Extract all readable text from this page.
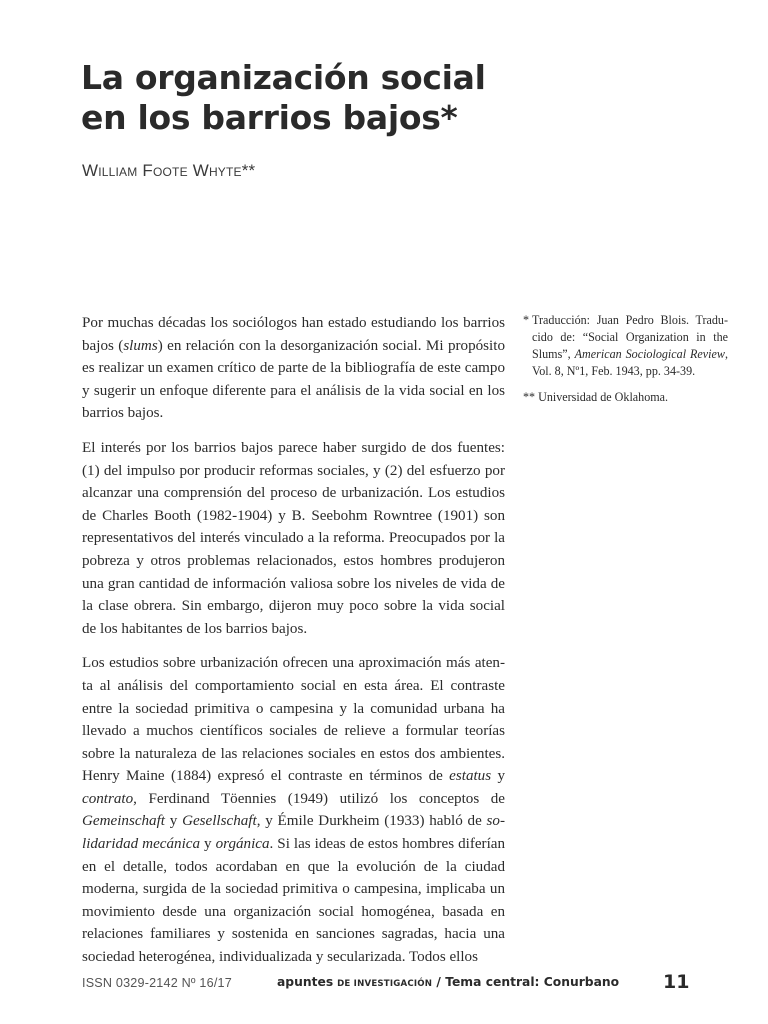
La organización social
en los barrios bajos*
William Foote Whyte**

Por muchas décadas los sociólogos han estado estudiando los barrios bajos (slums) en relación con la desorganización social. Mi propósito es realizar un examen crítico de parte de la bibliografía de este campo y sugerir un enfoque diferente para el análisis de la vida social en los barrios bajos.

El interés por los barrios bajos parece haber surgido de dos fuentes: (1) del impulso por producir reformas sociales, y (2) del esfuerzo por alcanzar una comprensión del proceso de urbanización. Los estudios de Charles Booth (1982-1904) y B. Seebohm Rowntree (1901) son representativos del interés vinculado a la reforma. Preocupados por la pobreza y otros problemas relacionados, estos hombres produjeron una gran cantidad de información valiosa sobre los niveles de vida de la clase obrera. Sin embargo, dijeron muy poco sobre la vida social de los habitantes de los barrios bajos.

Los estudios sobre urbanización ofrecen una aproximación más atenta al análisis del comportamiento social en esta área. El contraste entre la sociedad primitiva o campesina y la comunidad urbana ha llevado a muchos científicos sociales de relieve a formular teorías sobre la naturaleza de las relaciones sociales en estos dos ambientes. Henry Maine (1884) expresó el contraste en términos de estatus y contrato, Ferdinand Töennies (1949) utilizó los conceptos de Gemeinschaft y Gesellschaft, y Émile Durkheim (1933) habló de solidaridad mecánica y orgánica. Si las ideas de estos hombres diferían en el detalle, todos acordaban en que la evolución de la ciudad moderna, surgida de la sociedad primitiva o campesina, implicaba un movimiento desde una organización social homogénea, basada en relaciones familiares y sostenida en sanciones sagradas, hacia una sociedad heterogénea, individualizada y secularizada. Todos ellos

* Traducción: Juan Pedro Blois. Traducido de: “Social Organization in the Slums”, American Sociological Review, Vol. 8, Nº1, Feb. 1943, pp. 34-39.
** Universidad de Oklahoma.
ISSN 0329-2142 Nº 16/17	apuntes DE INVESTIGACIÓN / Tema central: Conurbano 11
